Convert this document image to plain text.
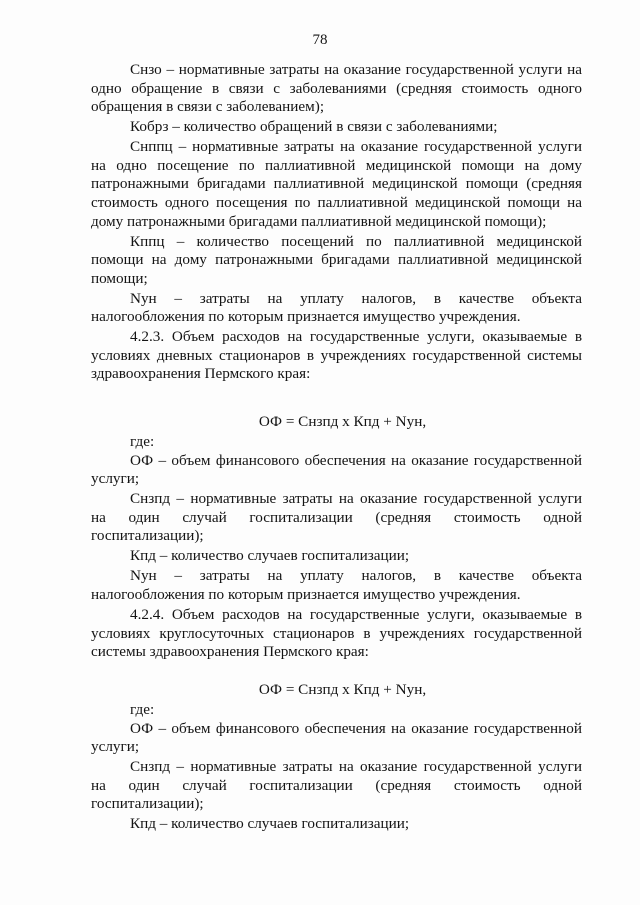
78

Снзо – нормативные затраты на оказание государственной услуги на одно обращение в связи с заболеваниями (средняя стоимость одного обращения в связи с заболеванием);

Кобрз – количество обращений в связи с заболеваниями;

Снппц – нормативные затраты на оказание государственной услуги на одно посещение по паллиативной медицинской помощи на дому патронажными бригадами паллиативной медицинской помощи (средняя стоимость одного посещения по паллиативной медицинской помощи на дому патронажными бригадами паллиативной медицинской помощи);

Кппц – количество посещений по паллиативной медицинской помощи на дому патронажными бригадами паллиативной медицинской помощи;

Nун – затраты на уплату налогов, в качестве объекта налогообложения по которым признается имущество учреждения.

4.2.3. Объем расходов на государственные услуги, оказываемые в условиях дневных стационаров в учреждениях государственной системы здравоохранения Пермского края:

ОФ = Снзпд х Кпд + Nун,

где:

ОФ – объем финансового обеспечения на оказание государственной услуги;

Снзпд – нормативные затраты на оказание государственной услуги на один случай госпитализации (средняя стоимость одной госпитализации);

Кпд – количество случаев госпитализации;

Nун – затраты на уплату налогов, в качестве объекта налогообложения по которым признается имущество учреждения.

4.2.4. Объем расходов на государственные услуги, оказываемые в условиях круглосуточных стационаров в учреждениях государственной системы здравоохранения Пермского края:

ОФ = Снзпд х Кпд + Nун,

где:

ОФ – объем финансового обеспечения на оказание государственной услуги;

Снзпд – нормативные затраты на оказание государственной услуги на один случай госпитализации (средняя стоимость одной госпитализации);

Кпд – количество случаев госпитализации;
